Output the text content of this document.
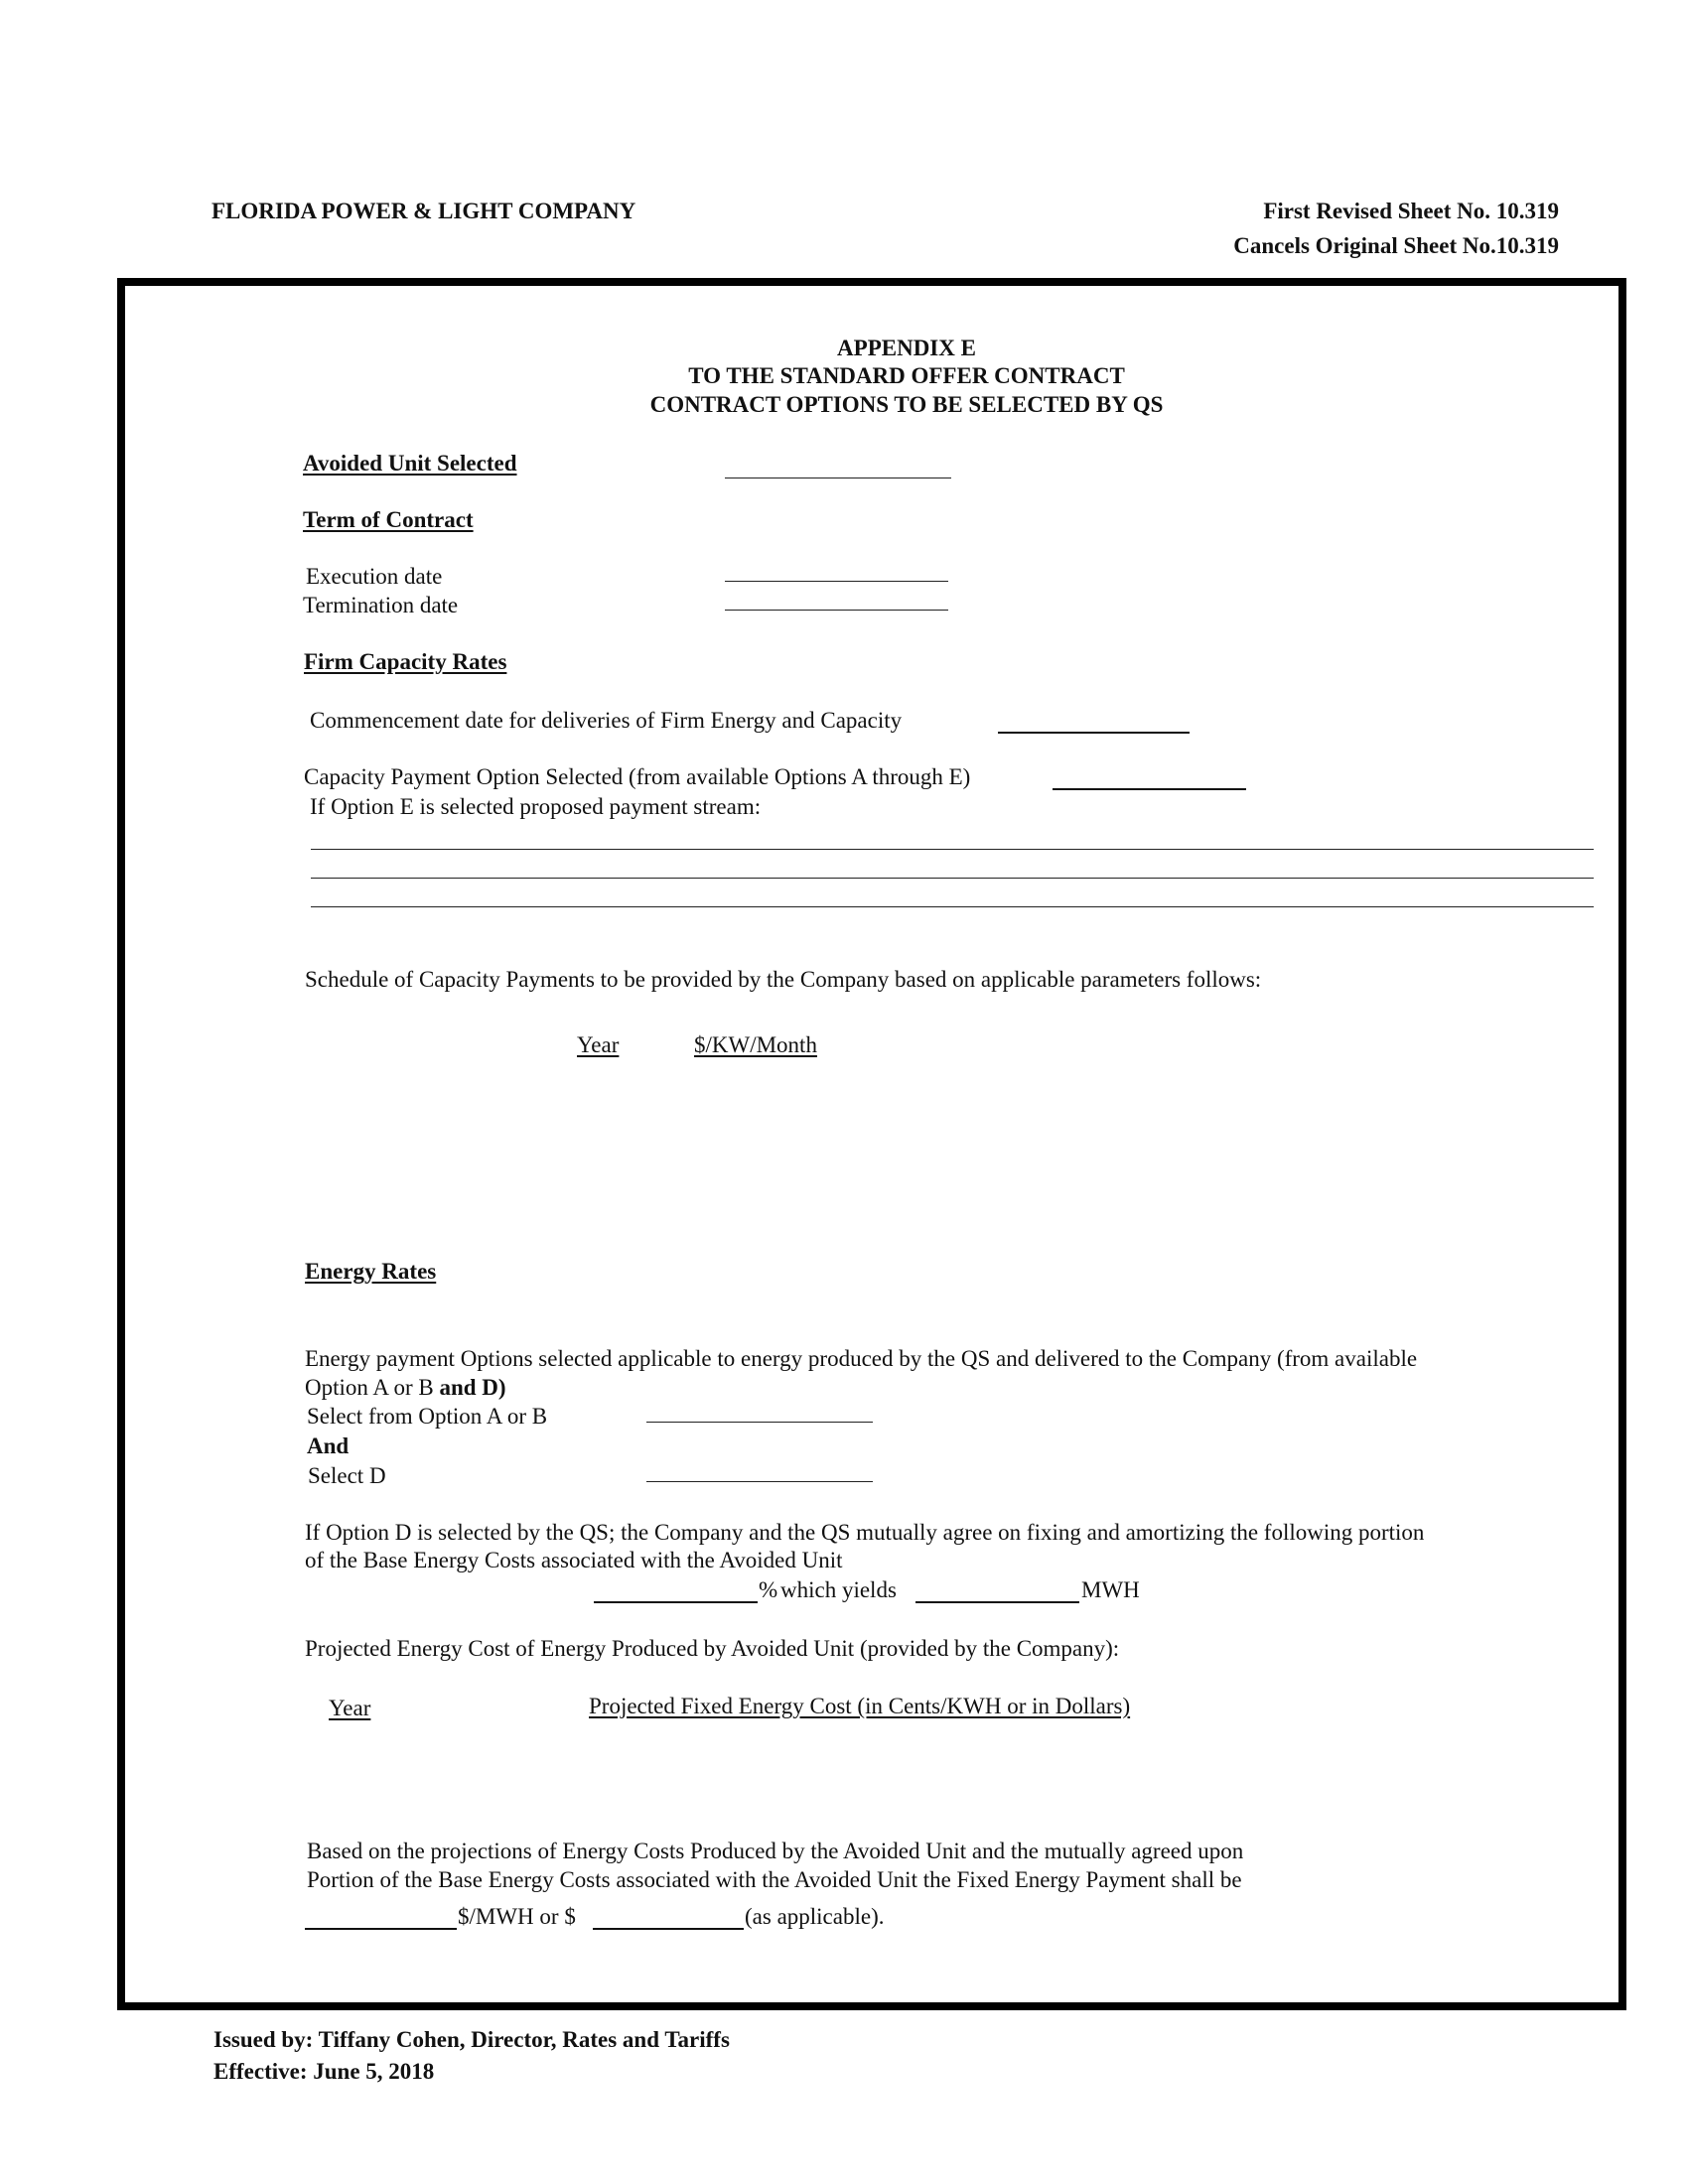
FLORIDA POWER & LIGHT COMPANY	First Revised Sheet No. 10.319
Cancels Original Sheet No.10.319
APPENDIX E
TO THE STANDARD OFFER CONTRACT
CONTRACT OPTIONS TO BE SELECTED BY QS
Avoided Unit Selected
Term of Contract
Execution date
Termination date
Firm Capacity Rates
Commencement date for deliveries of Firm Energy and Capacity
Capacity Payment Option Selected (from available Options A through E)
If Option E is selected proposed payment stream:
Schedule of Capacity Payments to be provided by the Company based on applicable parameters follows:
Year	$/KW/Month
Energy Rates
Energy payment Options selected applicable to energy produced by the QS and delivered to the Company (from available
Option A or B and D)
Select from Option A or B
And
Select D
If Option D is selected by the QS; the Company and the QS mutually agree on fixing and amortizing the following portion
of the Base Energy Costs associated with the Avoided Unit
% which yields	MWH
Projected Energy Cost of Energy Produced by Avoided Unit (provided by the Company):
Year	Projected Fixed Energy Cost (in Cents/KWH or in Dollars)
Based on the projections of Energy Costs Produced by the Avoided Unit and the mutually agreed upon
Portion of the Base Energy Costs associated with the Avoided Unit the Fixed Energy Payment shall be
$/MWH or $	(as applicable).
Issued by: Tiffany Cohen, Director, Rates and Tariffs
Effective: June 5, 2018
